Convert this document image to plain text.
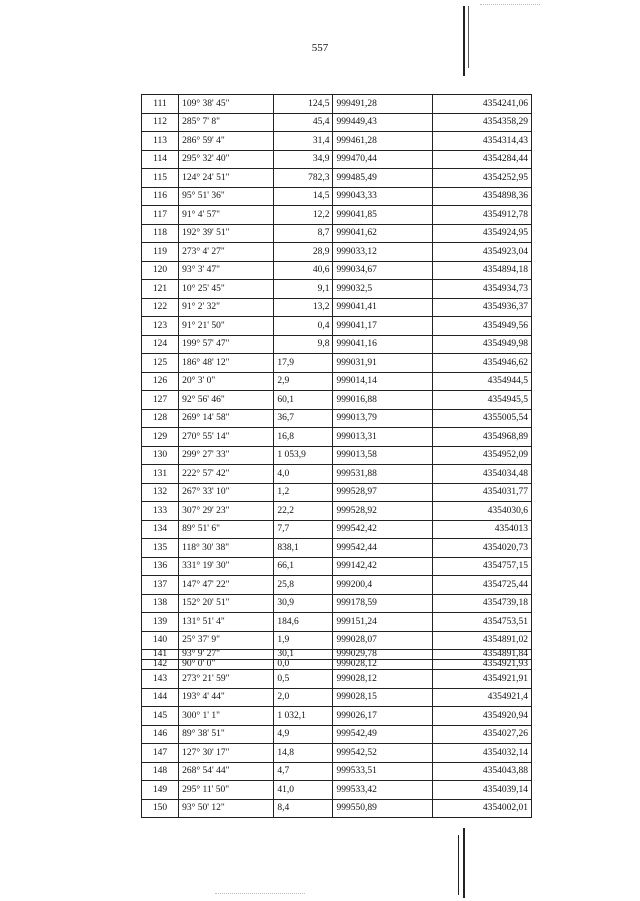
557
111	109° 38' 45"	124,5	999491,28	4354241,06
112	285° 7' 8"	45,4	999449,43	4354358,29
113	286° 59' 4"	31,4	999461,28	4354314,43
114	295° 32' 40"	34,9	999470,44	4354284,44
115	124° 24' 51"	782,3	999485,49	4354252,95
116	95° 51' 36"	14,5	999043,33	4354898,36
117	91° 4' 57"	12,2	999041,85	4354912,78
118	192° 39' 51"	8,7	999041,62	4354924,95
119	273° 4' 27"	28,9	999033,12	4354923,04
120	93° 3' 47"	40,6	999034,67	4354894,18
121	10° 25' 45"	9,1	999032,5	4354934,73
122	91° 2' 32"	13,2	999041,41	4354936,37
123	91° 21' 50"	0,4	999041,17	4354949,56
124	199° 57' 47"	9,8	999041,16	4354949,98
125	186° 48' 12"	17,9	999031,91	4354946,62
126	20° 3' 0"	2,9	999014,14	4354944,5
127	92° 56' 46"	60,1	999016,88	4354945,5
128	269° 14' 58"	36,7	999013,79	4355005,54
129	270° 55' 14"	16,8	999013,31	4354968,89
130	299° 27' 33"	1 053,9	999013,58	4354952,09
131	222° 57' 42"	4,0	999531,88	4354034,48
132	267° 33' 10"	1,2	999528,97	4354031,77
133	307° 29' 23"	22,2	999528,92	4354030,6
134	89° 51' 6"	7,7	999542,42	4354013
135	118° 30' 38"	838,1	999542,44	4354020,73
136	331° 19' 30"	66,1	999142,42	4354757,15
137	147° 47' 22"	25,8	999200,4	4354725,44
138	152° 20' 51"	30,9	999178,59	4354739,18
139	131° 51' 4"	184,6	999151,24	4354753,51
140	25° 37' 9"	1,9	999028,07	4354891,02
141	93° 9' 27"	30,1	999029,78	4354891,84
142	90° 0' 0"	0,0	999028,12	4354921,93
143	273° 21' 59"	0,5	999028,12	4354921,91
144	193° 4' 44"	2,0	999028,15	4354921,4
145	300° 1' 1"	1 032,1	999026,17	4354920,94
146	89° 38' 51"	4,9	999542,49	4354027,26
147	127° 30' 17"	14,8	999542,52	4354032,14
148	268° 54' 44"	4,7	999533,51	4354043,88
149	295° 11' 50"	41,0	999533,42	4354039,14
150	93° 50' 12"	8,4	999550,89	4354002,01
